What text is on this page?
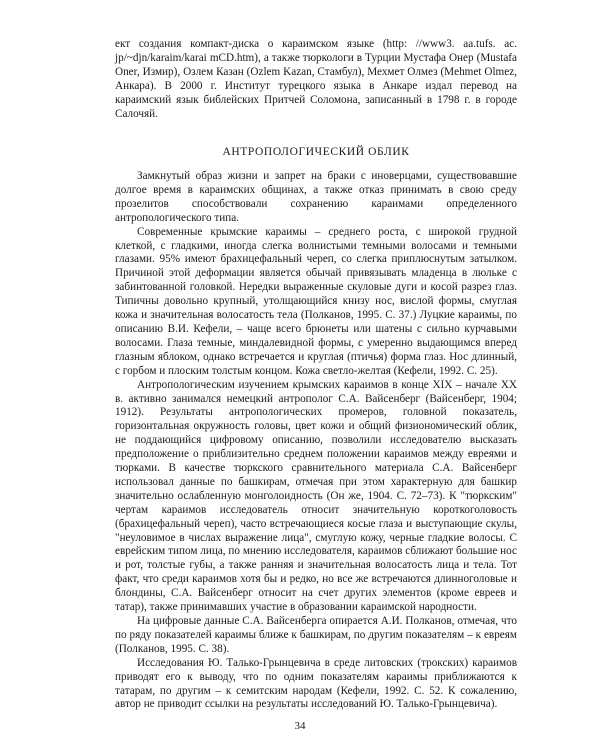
ект создания компакт-диска о караимском языке (http: //www3. aa.tufs. ac. jp/~djn/karaim/karai mCD.htm), а также тюркологи в Турции Мустафа Онер (Mustafa Oner, Измир), Озлем Казан (Ozlem Kazan, Стамбул), Мехмет Олмез (Mehmet Olmez, Анкара). В 2000 г. Институт турецкого языка в Анкаре издал перевод на караимский язык библейских Притчей Соломона, записанный в 1798 г. в городе Салочяй.

АНТРОПОЛОГИЧЕСКИЙ ОБЛИК

Замкнутый образ жизни и запрет на браки с иноверцами, существовавшие долгое время в караимских общинах, а также отказ принимать в свою среду прозелитов способствовали сохранению караимами определенного антропологического типа.

Современные крымские караимы – среднего роста, с широкой грудной клеткой, с гладкими, иногда слегка волнистыми темными волосами и темными глазами. 95% имеют брахицефальный череп, со слегка приплюснутым затылком. Причиной этой деформации является обычай привязывать младенца в люльке с забинтованной головкой. Нередки выраженные скуловые дуги и косой разрез глаз. Типичны довольно крупный, утолщающийся книзу нос, вислой формы, смуглая кожа и значительная волосатость тела (Полканов, 1995. С. 37.) Луцкие караимы, по описанию В.И. Кефели, – чаще всего брюнеты или шатены с сильно курчавыми волосами. Глаза темные, миндалевидной формы, с умеренно выдающимся вперед глазным яблоком, однако встречается и круглая (птичья) форма глаз. Нос длинный, с горбом и плоским толстым концом. Кожа светло-желтая (Кефели, 1992. С. 25).

Антропологическим изучением крымских караимов в конце XIX – начале XX в. активно занимался немецкий антрополог С.А. Вайсенберг (Вайсенберг, 1904; 1912). Результаты антропологических промеров, головной показатель, горизонтальная окружность головы, цвет кожи и общий физиономический облик, не поддающийся цифровому описанию, позволили исследователю высказать предположение о приблизительно среднем положении караимов между евреями и тюрками. В качестве тюркского сравнительного материала С.А. Вайсенберг использовал данные по башкирам, отмечая при этом характерную для башкир значительно ослабленную монголоидность (Он же, 1904. С. 72–73). К "тюркским" чертам караимов исследователь относит значительную короткоголовость (брахицефальный череп), часто встречающиеся косые глаза и выступающие скулы, "неуловимое в числах выражение лица", смуглую кожу, черные гладкие волосы. С еврейским типом лица, по мнению исследователя, караимов сближают большие нос и рот, толстые губы, а также ранняя и значительная волосатость лица и тела. Тот факт, что среди караимов хотя бы и редко, но все же встречаются длинноголовые и блондины, С.А. Вайсенберг относит на счет других элементов (кроме евреев и татар), также принимавших участие в образовании караимской народности.

На цифровые данные С.А. Вайсенберга опирается А.И. Полканов, отмечая, что по ряду показателей караимы ближе к башкирам, по другим показателям – к евреям (Полканов, 1995. С. 38).

Исследования Ю. Талько-Грынцевича в среде литовских (трокских) караимов приводят его к выводу, что по одним показателям караимы приближаются к татарам, по другим – к семитским народам (Кефели, 1992. С. 52. К сожалению, автор не приводит ссылки на результаты исследований Ю. Талько-Грынцевича).

34
